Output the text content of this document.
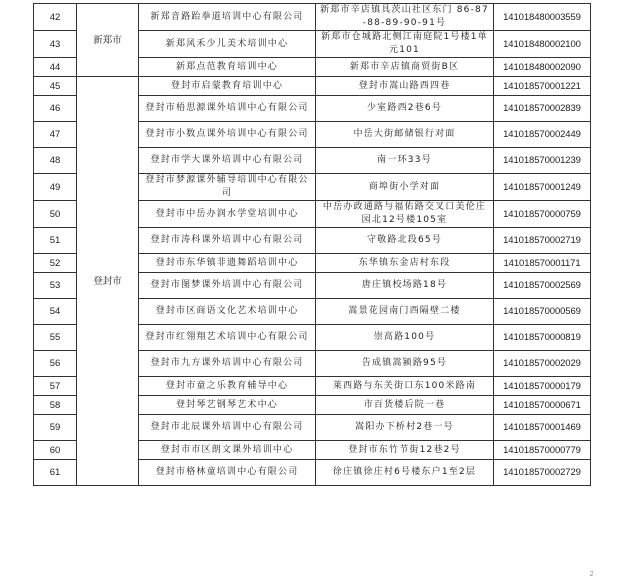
42	新郑市	新郑音路跆拳道培训中心有限公司	新郑市辛店镇具茨山社区东门 86-87-88-89-90-91号	141018480003559
43		新郑风禾少儿美术培训中心	新郑市仓城路北侧江南庭院1号楼1单元101	141018480002100
44		新郑点范教育培训中心	新郑市辛店镇商贸街B区	141018480002090
45	登封市	登封市启蒙教育培训中心	登封市嵩山路西四巷	141018570001221
46		登封市梧思源课外培训中心有限公司	少室路西2巷6号	141018570002839
47		登封市小数点课外培训中心有限公司	中岳大街邮储银行对面	141018570002449
48		登封市学大课外培训中心有限公司	南一环33号	141018570001239
49		登封市梦源课外辅导培训中心有限公司	商埠街小学对面	141018570001249
50		登封市中岳办润水学堂培训中心	中岳办政通路与福佑路交叉口美伦庄园北12号楼105室	141018570000759
51		登封市涛科课外培训中心有限公司	守敬路北段65号	141018570002719
52		登封市东华镇非遗舞蹈培训中心	东华镇东金店村东段	141018570001171
53		登封市图梦课外培训中心有限公司	唐庄镇校场路18号	141018570002569
54		登封市区商语文化艺术培训中心	嵩景花园南门西隔壁二楼	141018570000569
55		登封市红翎翔艺术培训中心有限公司	崇高路100号	141018570000819
56		登封市九方课外培训中心有限公司	告成镇嵩颍路95号	141018570002029
57		登封市童之乐教育辅导中心	莱西路与东关街口东100米路南	141018570000179
58		登封琴艺钢琴艺术中心	市百货楼后院一巷	141018570000671
59		登封市北辰课外培训中心有限公司	嵩阳办下桥村2巷一号	141018570001469
60		登封市市区朗文课外培训中心	登封市东竹节街12巷2号	141018570000779
61		登封市格林童培训中心有限公司	徐庄镇徐庄村6号楼东户1至2层	141018570002729
2
